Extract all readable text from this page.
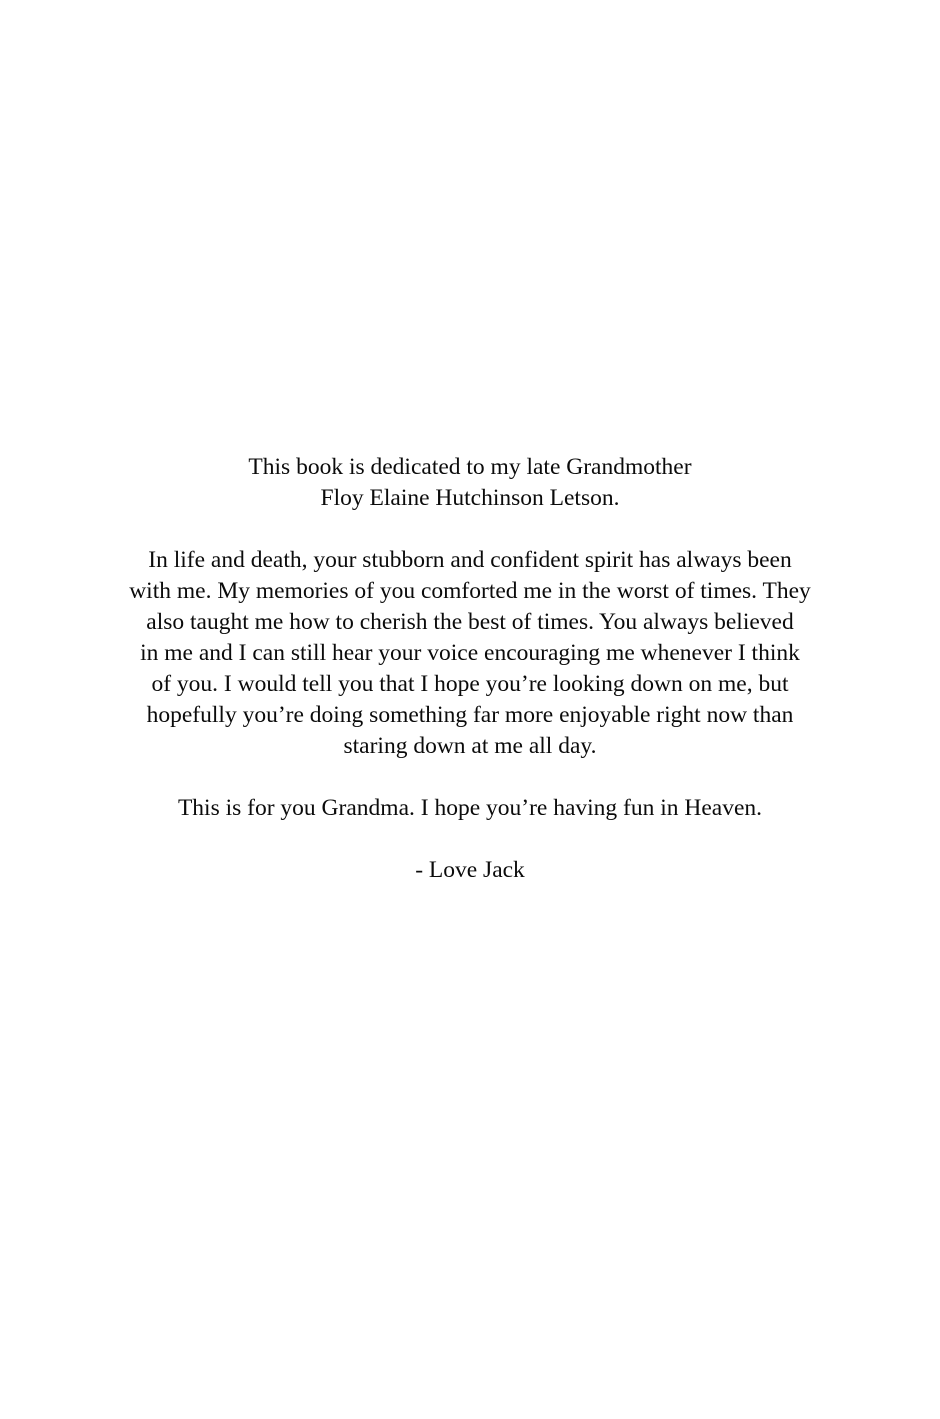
This book is dedicated to my late Grandmother
Floy Elaine Hutchinson Letson.
In life and death, your stubborn and confident spirit has always been
with me. My memories of you comforted me in the worst of times. They
also taught me how to cherish the best of times. You always believed
in me and I can still hear your voice encouraging me whenever I think
of you. I would tell you that I hope you’re looking down on me, but
hopefully you’re doing something far more enjoyable right now than
staring down at me all day.
This is for you Grandma. I hope you’re having fun in Heaven.
- Love Jack
